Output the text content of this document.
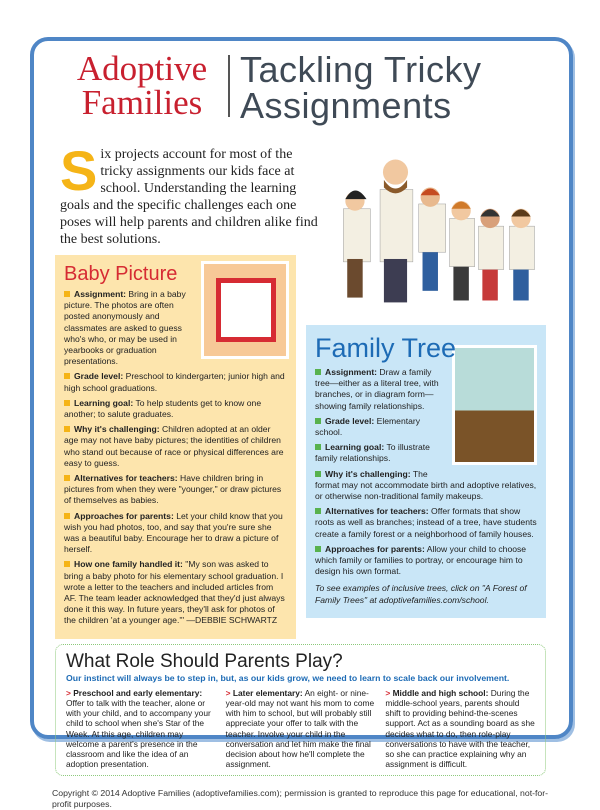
Adoptive
Families
Tackling Tricky
Assignments
Six projects account for most of the tricky assignments our kids face at school. Understanding the learning goals and the specific challenges each one poses will help parents and children alike find the best solutions.
Baby Picture

Assignment: Bring in a baby picture. The photos are often posted anonymously and classmates are asked to guess who's who, or may be used in yearbooks or graduation presentations.

Grade level: Preschool to kindergarten; junior high and high school graduations.

Learning goal: To help students get to know one another; to salute graduates.

Why it's challenging: Children adopted at an older age may not have baby pictures; the identities of children who stand out because of race or physical differences are easy to guess.

Alternatives for teachers: Have children bring in pictures from when they were "younger," or draw pictures of themselves as babies.

Approaches for parents: Let your child know that you wish you had photos, too, and say that you're sure she was a beautiful baby. Encourage her to draw a picture of herself.

How one family handled it: "My son was asked to bring a baby photo for his elementary school graduation. I wrote a letter to the teachers and included articles from AF. The team leader acknowledged that they'd just always done it this way. In future years, they'll ask for photos of the children 'at a younger age.'" —DEBBIE SCHWARTZ

Family Tree

Assignment: Draw a family tree—either as a literal tree, with branches, or in diagram form—showing family relationships.

Grade level: Elementary school.

Learning goal: To illustrate family relationships.

Why it's challenging: The format may not accommodate birth and adoptive relatives, or otherwise non-traditional family makeups.

Alternatives for teachers: Offer formats that show roots as well as branches; instead of a tree, have students create a family forest or a neighborhood of family houses.

Approaches for parents: Allow your child to choose which family or families to portray, or encourage him to design his own format.

To see examples of inclusive trees, click on "A Forest of Family Trees" at adoptivefamilies.com/school.

What Role Should Parents Play?
Our instinct will always be to step in, but, as our kids grow, we need to learn to scale back our involvement.
> Preschool and early elementary: Offer to talk with the teacher, alone or with your child, and to accompany your child to school when she's Star of the Week. At this age, children may welcome a parent's presence in the classroom and like the idea of an adoption presentation.
> Later elementary: An eight- or nine-year-old may not want his mom to come with him to school, but will probably still appreciate your offer to talk with the teacher. Involve your child in the conversation and let him make the final decision about how he'll complete the assignment.
> Middle and high school: During the middle-school years, parents should shift to providing behind-the-scenes support. Act as a sounding board as she decides what to do, then role-play conversations to have with the teacher, so she can practice explaining why an assignment is difficult.
Copyright © 2014 Adoptive Families (adoptivefamilies.com); permission is granted to reproduce this page for educational, not-for-profit purposes.
